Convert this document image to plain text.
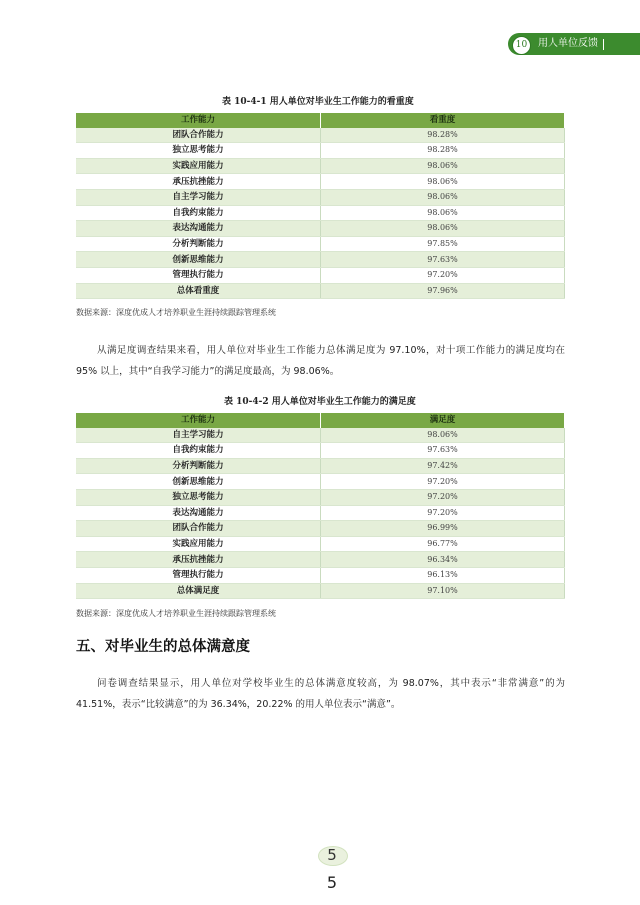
10	用人单位反馈
表 10-4-1 用人单位对毕业生工作能力的看重度
工作能力	看重度
团队合作能力	98.28%
独立思考能力	98.28%
实践应用能力	98.06%
承压抗挫能力	98.06%
自主学习能力	98.06%
自我约束能力	98.06%
表达沟通能力	98.06%
分析判断能力	97.85%
创新思维能力	97.63%
管理执行能力	97.20%
总体看重度	97.96%
数据来源：深度优成人才培养职业生涯持续跟踪管理系统
从满足度调查结果来看，用人单位对毕业生工作能力总体满足度为 97.10%，对十项工作能力的满足度均在 95% 以上，其中“自我学习能力”的满足度最高，为 98.06%。
表 10-4-2 用人单位对毕业生工作能力的满足度
工作能力	满足度
自主学习能力	98.06%
自我约束能力	97.63%
分析判断能力	97.42%
创新思维能力	97.20%
独立思考能力	97.20%
表达沟通能力	97.20%
团队合作能力	96.99%
实践应用能力	96.77%
承压抗挫能力	96.34%
管理执行能力	96.13%
总体满足度	97.10%
数据来源：深度优成人才培养职业生涯持续跟踪管理系统
五、对毕业生的总体满意度
问卷调查结果显示，用人单位对学校毕业生的总体满意度较高，为 98.07%，其中表示“非常满意”的为 41.51%，表示“比较满意”的为 36.34%，20.22% 的用人单位表示“满意”。
5
5
